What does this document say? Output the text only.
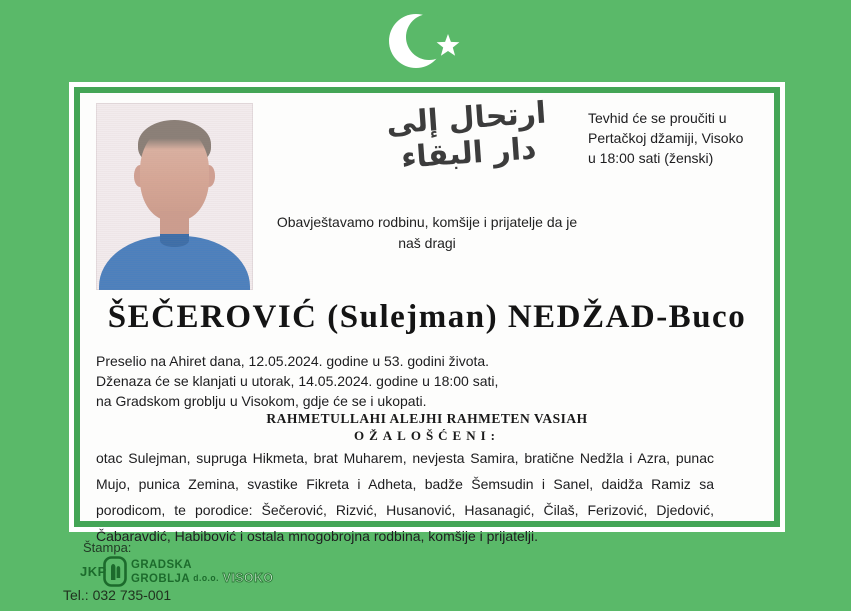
ارتحال إلى دار البقاء
Tevhid će se proučiti u
Pertačkoj džamiji, Visoko
u 18:00 sati (ženski)
Obavještavamo rodbinu, komšije i prijatelje da je
naš dragi
ŠEČEROVIĆ (Sulejman) NEDŽAD-Buco
Preselio na Ahiret dana, 12.05.2024. godine u 53. godini života.
Dženaza će se klanjati u utorak, 14.05.2024. godine u 18:00 sati,
na Gradskom groblju u Visokom, gdje će se i ukopati.
RAHMETULLAHI ALEJHI RAHMETEN VASIAH
OŽALOŠĆENI:
otac Sulejman, supruga Hikmeta, brat Muharem, nevjesta Samira, bratične Nedžla i Azra, punac Mujo, punica Zemina, svastike Fikreta i Adheta, badže Šemsudin i Sanel, daidža Ramiz sa porodicom, te porodice: Šečerović, Rizvić, Husanović, Hasanagić, Čilaš, Ferizović, Djedović, Čabaravdić, Habibović i ostala mnogobrojna rodbina, komšije i prijatelji.
Štampa:
JKP GRADSKA
GROBLJA d.o.o. VISOKO
Tel.: 032 735-001
